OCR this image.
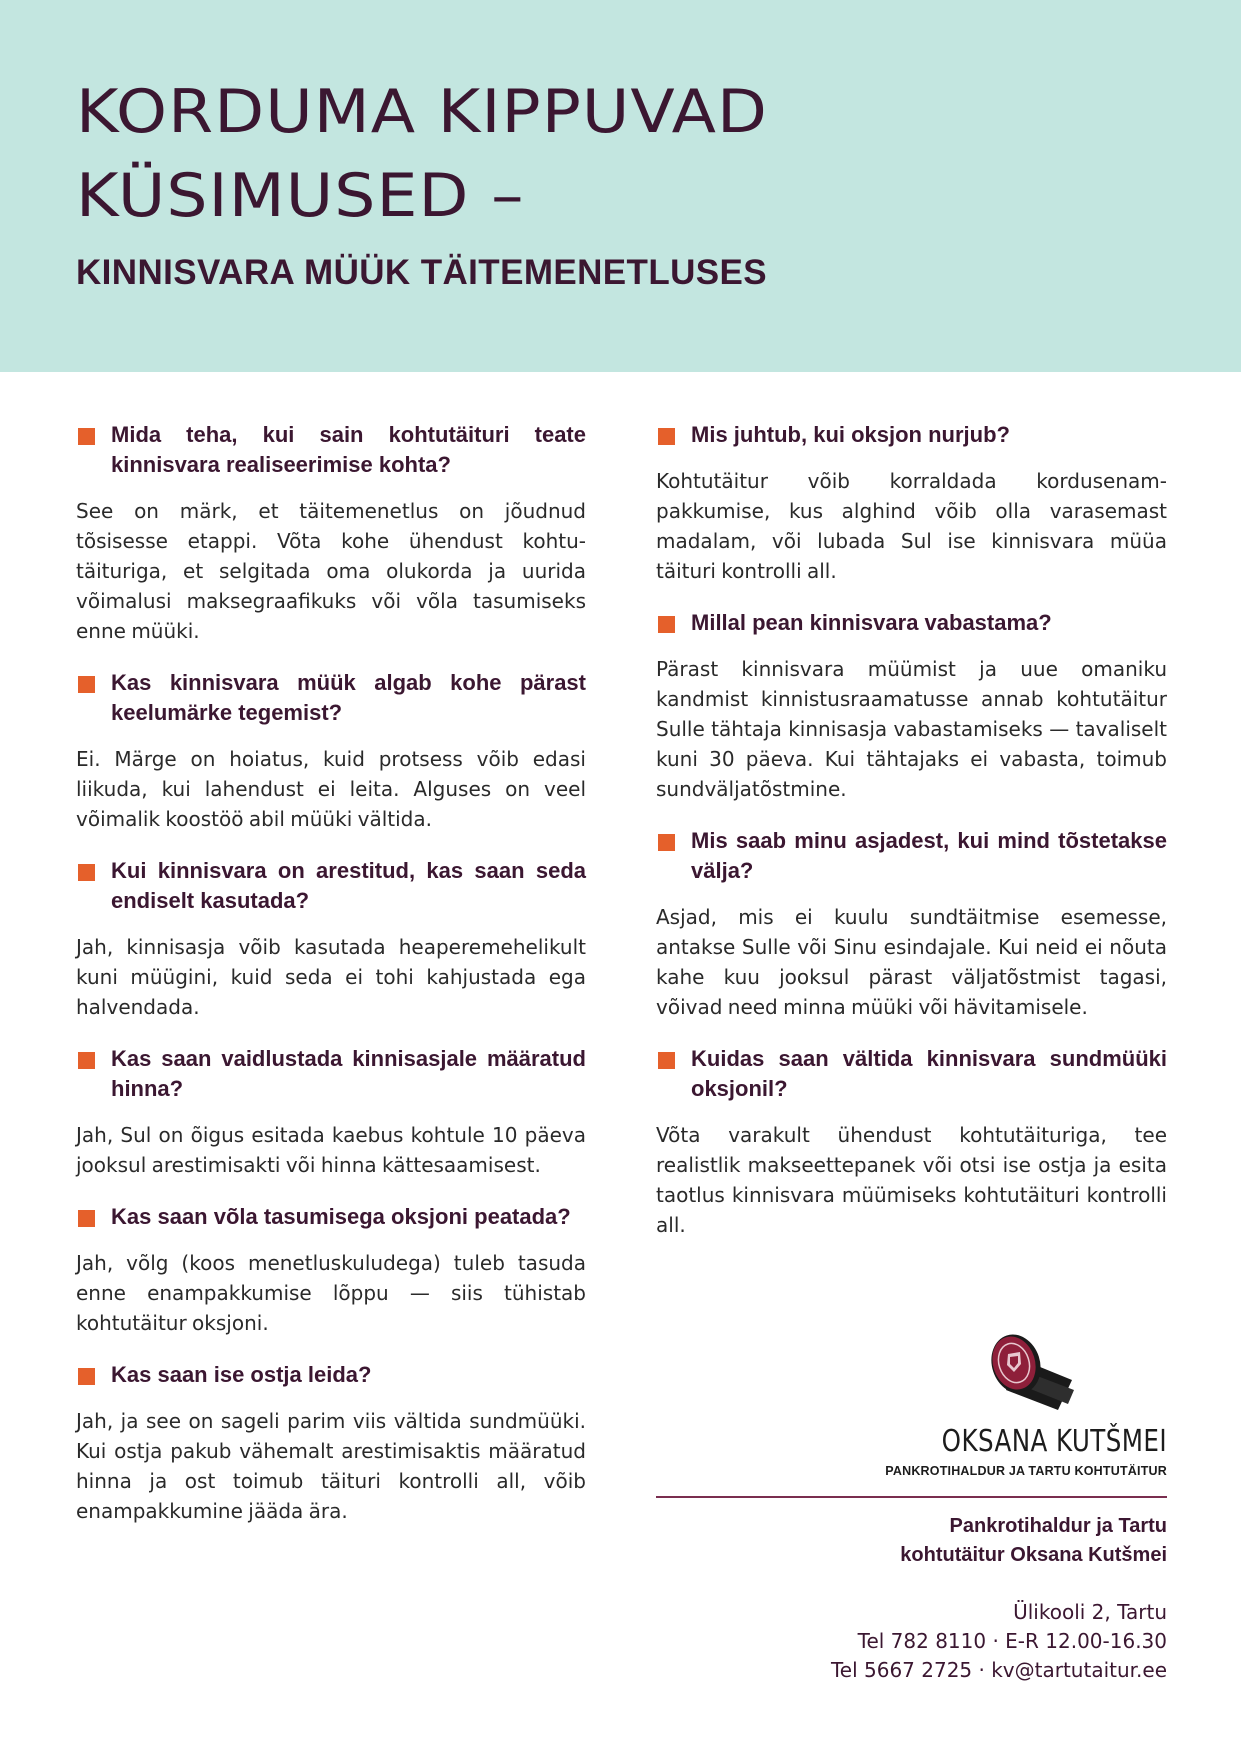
KORDUMA KIPPUVAD
KÜSIMUSED –
KINNISVARA MÜÜK TÄITEMENETLUSES

Mida teha, kui sain kohtutäituri teate kinnisvara realiseerimise kohta?

See on märk, et täitemenetlus on jõudnud tõsisesse etappi. Võta kohe ühendust kohtutäituriga, et selgitada oma olukorda ja uurida võimalusi maksegraafikuks või võla tasumiseks enne müüki.

Kas kinnisvara müük algab kohe pärast keelumärke tegemist?

Ei. Märge on hoiatus, kuid protsess võib edasi liikuda, kui lahendust ei leita. Alguses on veel võimalik koostöö abil müüki vältida.

Kui kinnisvara on arestitud, kas saan seda endiselt kasutada?

Jah, kinnisasja võib kasutada heaperemehelikult kuni müügini, kuid seda ei tohi kahjustada ega halvendada.

Kas saan vaidlustada kinnisasjale määratud hinna?

Jah, Sul on õigus esitada kaebus kohtule 10 päeva jooksul arestimisakti või hinna kättesaamisest.

Kas saan võla tasumisega oksjoni peatada?

Jah, võlg (koos menetluskuludega) tuleb tasuda enne enampakkumise lõppu — siis tühistab kohtutäitur oksjoni.

Kas saan ise ostja leida?

Jah, ja see on sageli parim viis vältida sundmüüki. Kui ostja pakub vähemalt arestimisaktis määratud hinna ja ost toimub täituri kontrolli all, võib enampakkumine jääda ära.

Mis juhtub, kui oksjon nurjub?

Kohtutäitur võib korraldada kordusenampakkumise, kus alghind võib olla varasemast madalam, või lubada Sul ise kinnisvara müüa täituri kontrolli all.

Millal pean kinnisvara vabastama?

Pärast kinnisvara müümist ja uue omaniku kandmist kinnistusraamatusse annab kohtutäitur Sulle tähtaja kinnisasja vabastamiseks — tavaliselt kuni 30 päeva. Kui tähtajaks ei vabasta, toimub sundväljatõstmine.

Mis saab minu asjadest, kui mind tõstetakse välja?

Asjad, mis ei kuulu sundtäitmise esemesse, antakse Sulle või Sinu esindajale. Kui neid ei nõuta kahe kuu jooksul pärast väljatõstmist tagasi, võivad need minna müüki või hävitamisele.

Kuidas saan vältida kinnisvara sundmüüki oksjonil?

Võta varakult ühendust kohtutäituriga, tee realistlik makseettepanek või otsi ise ostja ja esita taotlus kinnisvara müümiseks kohtutäituri kontrolli all.

OKSANA KUTŠMEI
PANKROTIHALDUR JA TARTU KOHTUTÄITUR
Pankrotihaldur ja Tartu
kohtutäitur Oksana Kutšmei
Ülikooli 2, Tartu
Tel 782 8110 · E-R 12.00-16.30
Tel 5667 2725 · kv@tartutaitur.ee
